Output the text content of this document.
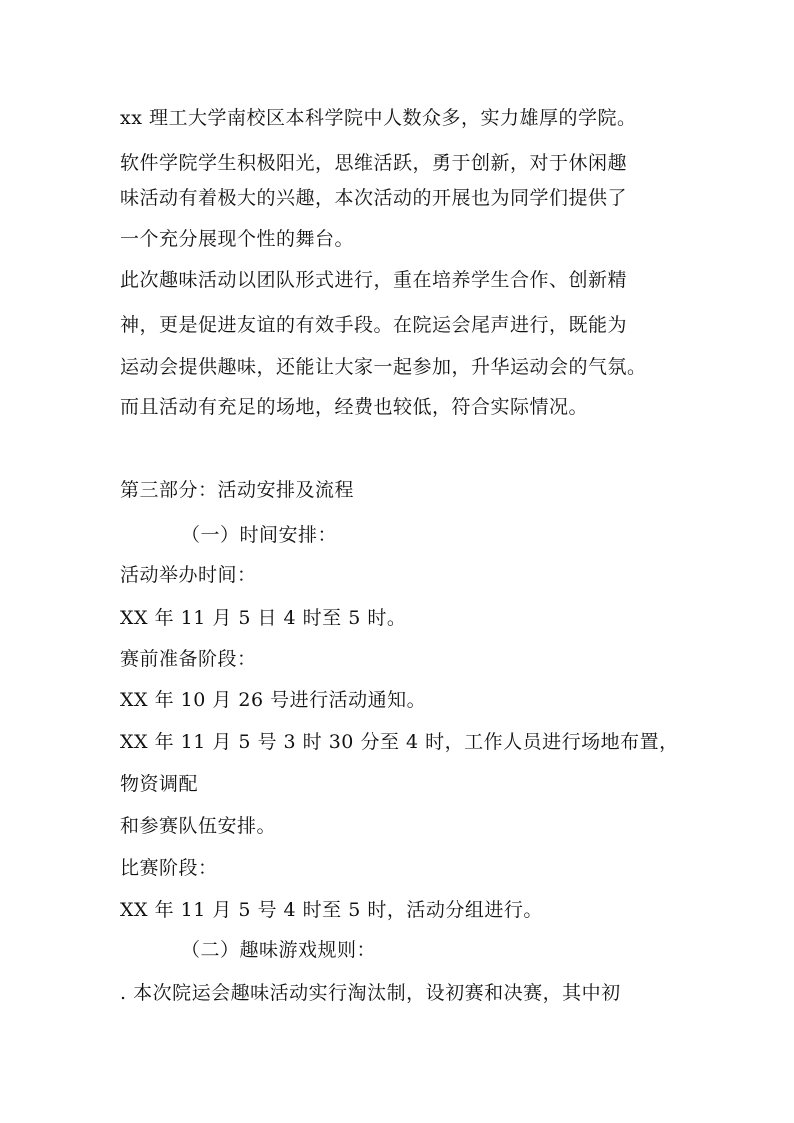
xx 理工大学南校区本科学院中人数众多，实力雄厚的学院。
软件学院学生积极阳光，思维活跃，勇于创新，对于休闲趣
味活动有着极大的兴趣，本次活动的开展也为同学们提供了
一个充分展现个性的舞台。
此次趣味活动以团队形式进行，重在培养学生合作、创新精
神，更是促进友谊的有效手段。在院运会尾声进行，既能为
运动会提供趣味，还能让大家一起参加，升华运动会的气氛。
而且活动有充足的场地，经费也较低，符合实际情况。
第三部分：活动安排及流程
（一）时间安排：
活动举办时间：
XX 年 11 月 5 日 4 时至 5 时。
赛前准备阶段：
XX 年 10 月 26 号进行活动通知。
XX 年 11 月 5 号 3 时 30 分至 4 时，工作人员进行场地布置，
物资调配
和参赛队伍安排。
比赛阶段：
XX 年 11 月 5 号 4 时至 5 时，活动分组进行。
（二）趣味游戏规则：
. 本次院运会趣味活动实行淘汰制，设初赛和决赛，其中初
